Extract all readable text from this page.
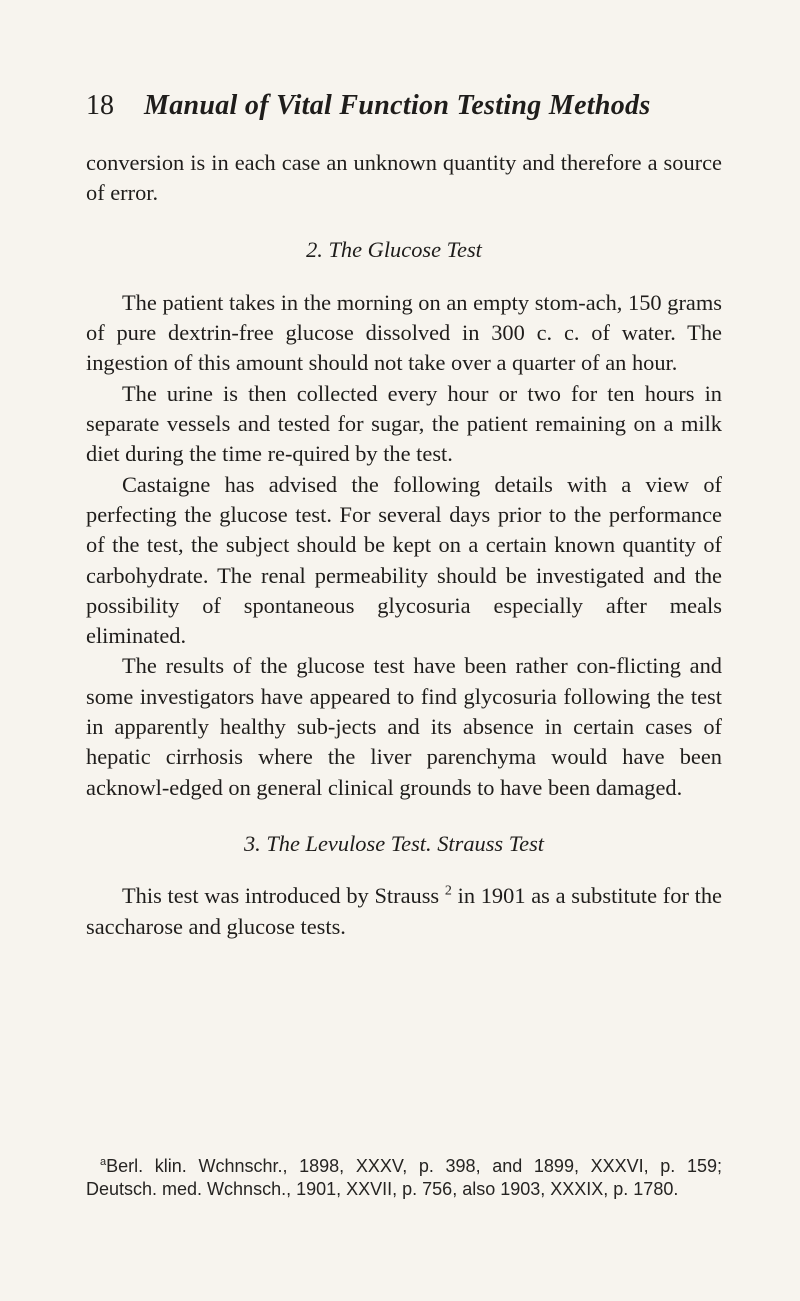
18 Manual of Vital Function Testing Methods

conversion is in each case an unknown quantity and therefore a source of error.

2. The Glucose Test

The patient takes in the morning on an empty stom-ach, 150 grams of pure dextrin-free glucose dissolved in 300 c. c. of water. The ingestion of this amount should not take over a quarter of an hour.

The urine is then collected every hour or two for ten hours in separate vessels and tested for sugar, the patient remaining on a milk diet during the time re-quired by the test.

Castaigne has advised the following details with a view of perfecting the glucose test. For several days prior to the performance of the test, the subject should be kept on a certain known quantity of carbohydrate. The renal permeability should be investigated and the possibility of spontaneous glycosuria especially after meals eliminated.

The results of the glucose test have been rather con-flicting and some investigators have appeared to find glycosuria following the test in apparently healthy sub-jects and its absence in certain cases of hepatic cirrhosis where the liver parenchyma would have been acknowl-edged on general clinical grounds to have been damaged.

3. The Levulose Test. Strauss Test

This test was introduced by Strauss $^2$ in 1901 as a substitute for the saccharose and glucose tests.

$^a$Berl. klin. Wchnschr., 1898, XXXV, p. 398, and 1899, XXXVI, p. 159; Deutsch. med. Wchnsch., 1901, XXVII, p. 756, also 1903, XXXIX, p. 1780.
